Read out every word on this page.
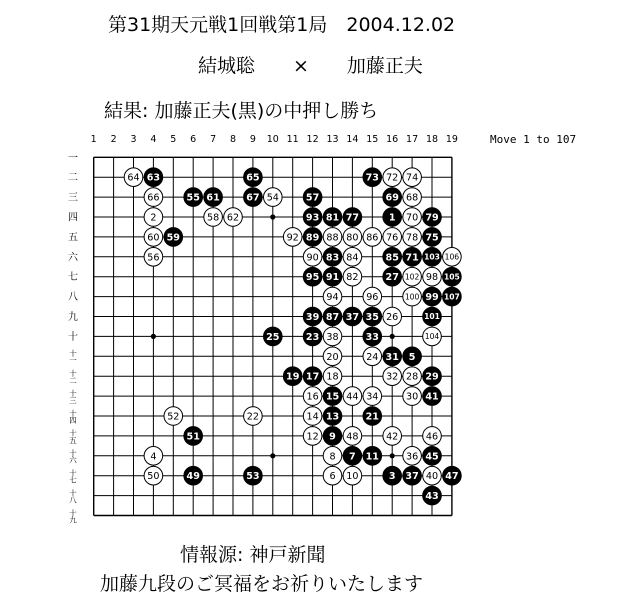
第31期天元戦1回戦第1局　2004.12.02
結城聡　　×　　加藤正夫
結果: 加藤正夫(黒)の中押し勝ち
Move 1 to 107
1 2 3 4 5 6 7 8 9 10 11 12 13 14 15 16 17 18 19
一
二
三
四
五
六
七
八
九
十
十
一
十
二
十
三
十
四
十
五
十
六
十
七
十
八
十
九
64 63	65	73 72 74
66	55 61	67 54	57	69 68
2	58 62	93 81 77	1 70 79
60 59	92 89 88 80 86 76 78 75
56	90 83 84	85 71 103 106
95 91 82	27 102 98 105
94	96	100 99 107
39 87 37 35 26	101
25	23 38	33	104
20	24 31 5
19 17 18	32 28 29
16 15 44 34	30 41
52	22	14 13	21
51	12 9 48	42	46
4	8 7 11	36 45
50	49	53	6 10	3 37 40 47
43
情報源: 神戸新聞
加藤九段のご冥福をお祈りいたします
